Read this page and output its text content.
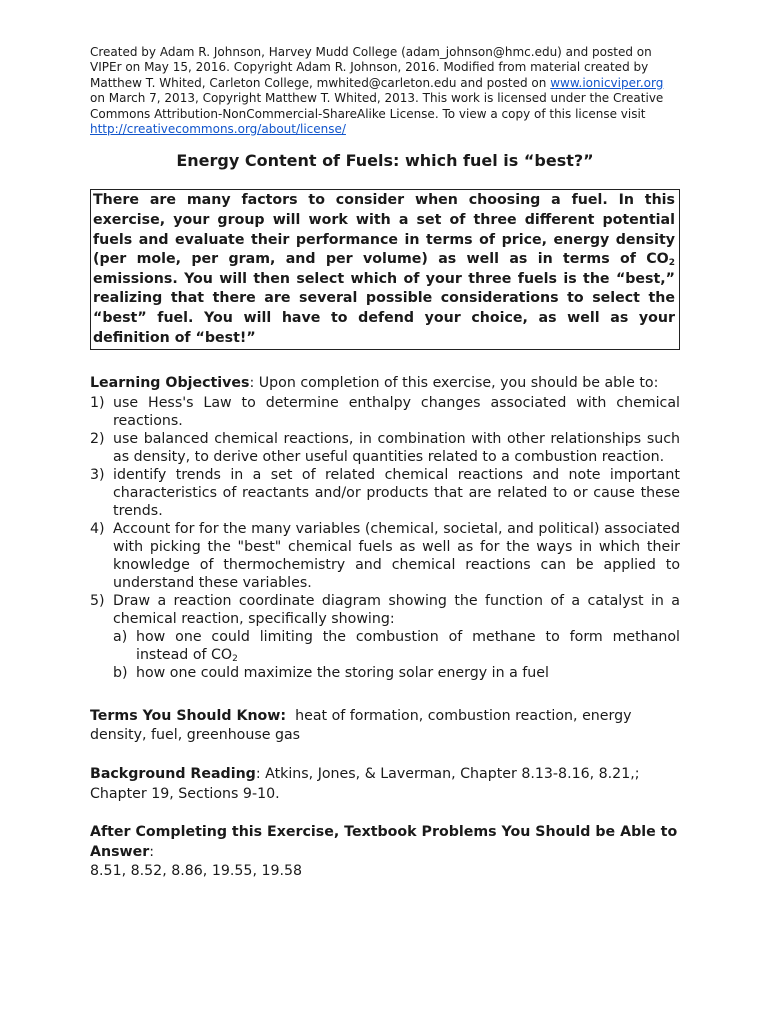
Created by Adam R. Johnson, Harvey Mudd College (adam_johnson@hmc.edu) and posted on VIPEr on May 15, 2016. Copyright Adam R. Johnson, 2016. Modified from material created by Matthew T. Whited, Carleton College, mwhited@carleton.edu and posted on www.ionicviper.org on March 7, 2013, Copyright Matthew T. Whited, 2013. This work is licensed under the Creative Commons Attribution-NonCommercial-ShareAlike License. To view a copy of this license visit http://creativecommons.org/about/license/

Energy Content of Fuels: which fuel is “best?”
There are many factors to consider when choosing a fuel. In this exercise, your group will work with a set of three different potential fuels and evaluate their performance in terms of price, energy density (per mole, per gram, and per volume) as well as in terms of $CO_2$ emissions. You will then select which of your three fuels is the “best,” realizing that there are several possible considerations to select the “best” fuel. You will have to defend your choice, as well as your definition of “best!”
Learning Objectives: Upon completion of this exercise, you should be able to:
1) use Hess's Law to determine enthalpy changes associated with chemical reactions.
2) use balanced chemical reactions, in combination with other relationships such as density, to derive other useful quantities related to a combustion reaction.
3) identify trends in a set of related chemical reactions and note important characteristics of reactants and/or products that are related to or cause these trends.
4) Account for for the many variables (chemical, societal, and political) associated with picking the "best" chemical fuels as well as for the ways in which their knowledge of thermochemistry and chemical reactions can be applied to understand these variables.
5) Draw a reaction coordinate diagram showing the function of a catalyst in a chemical reaction, specifically showing:
a) how one could limiting the combustion of methane to form methanol instead of $CO_2$
b) how one could maximize the storing solar energy in a fuel
Terms You Should Know:  heat of formation, combustion reaction, energy density, fuel, greenhouse gas
Background Reading: Atkins, Jones, & Laverman, Chapter 8.13-8.16, 8.21,; Chapter 19, Sections 9-10.
After Completing this Exercise, Textbook Problems You Should be Able to Answer:
8.51, 8.52, 8.86, 19.55, 19.58
